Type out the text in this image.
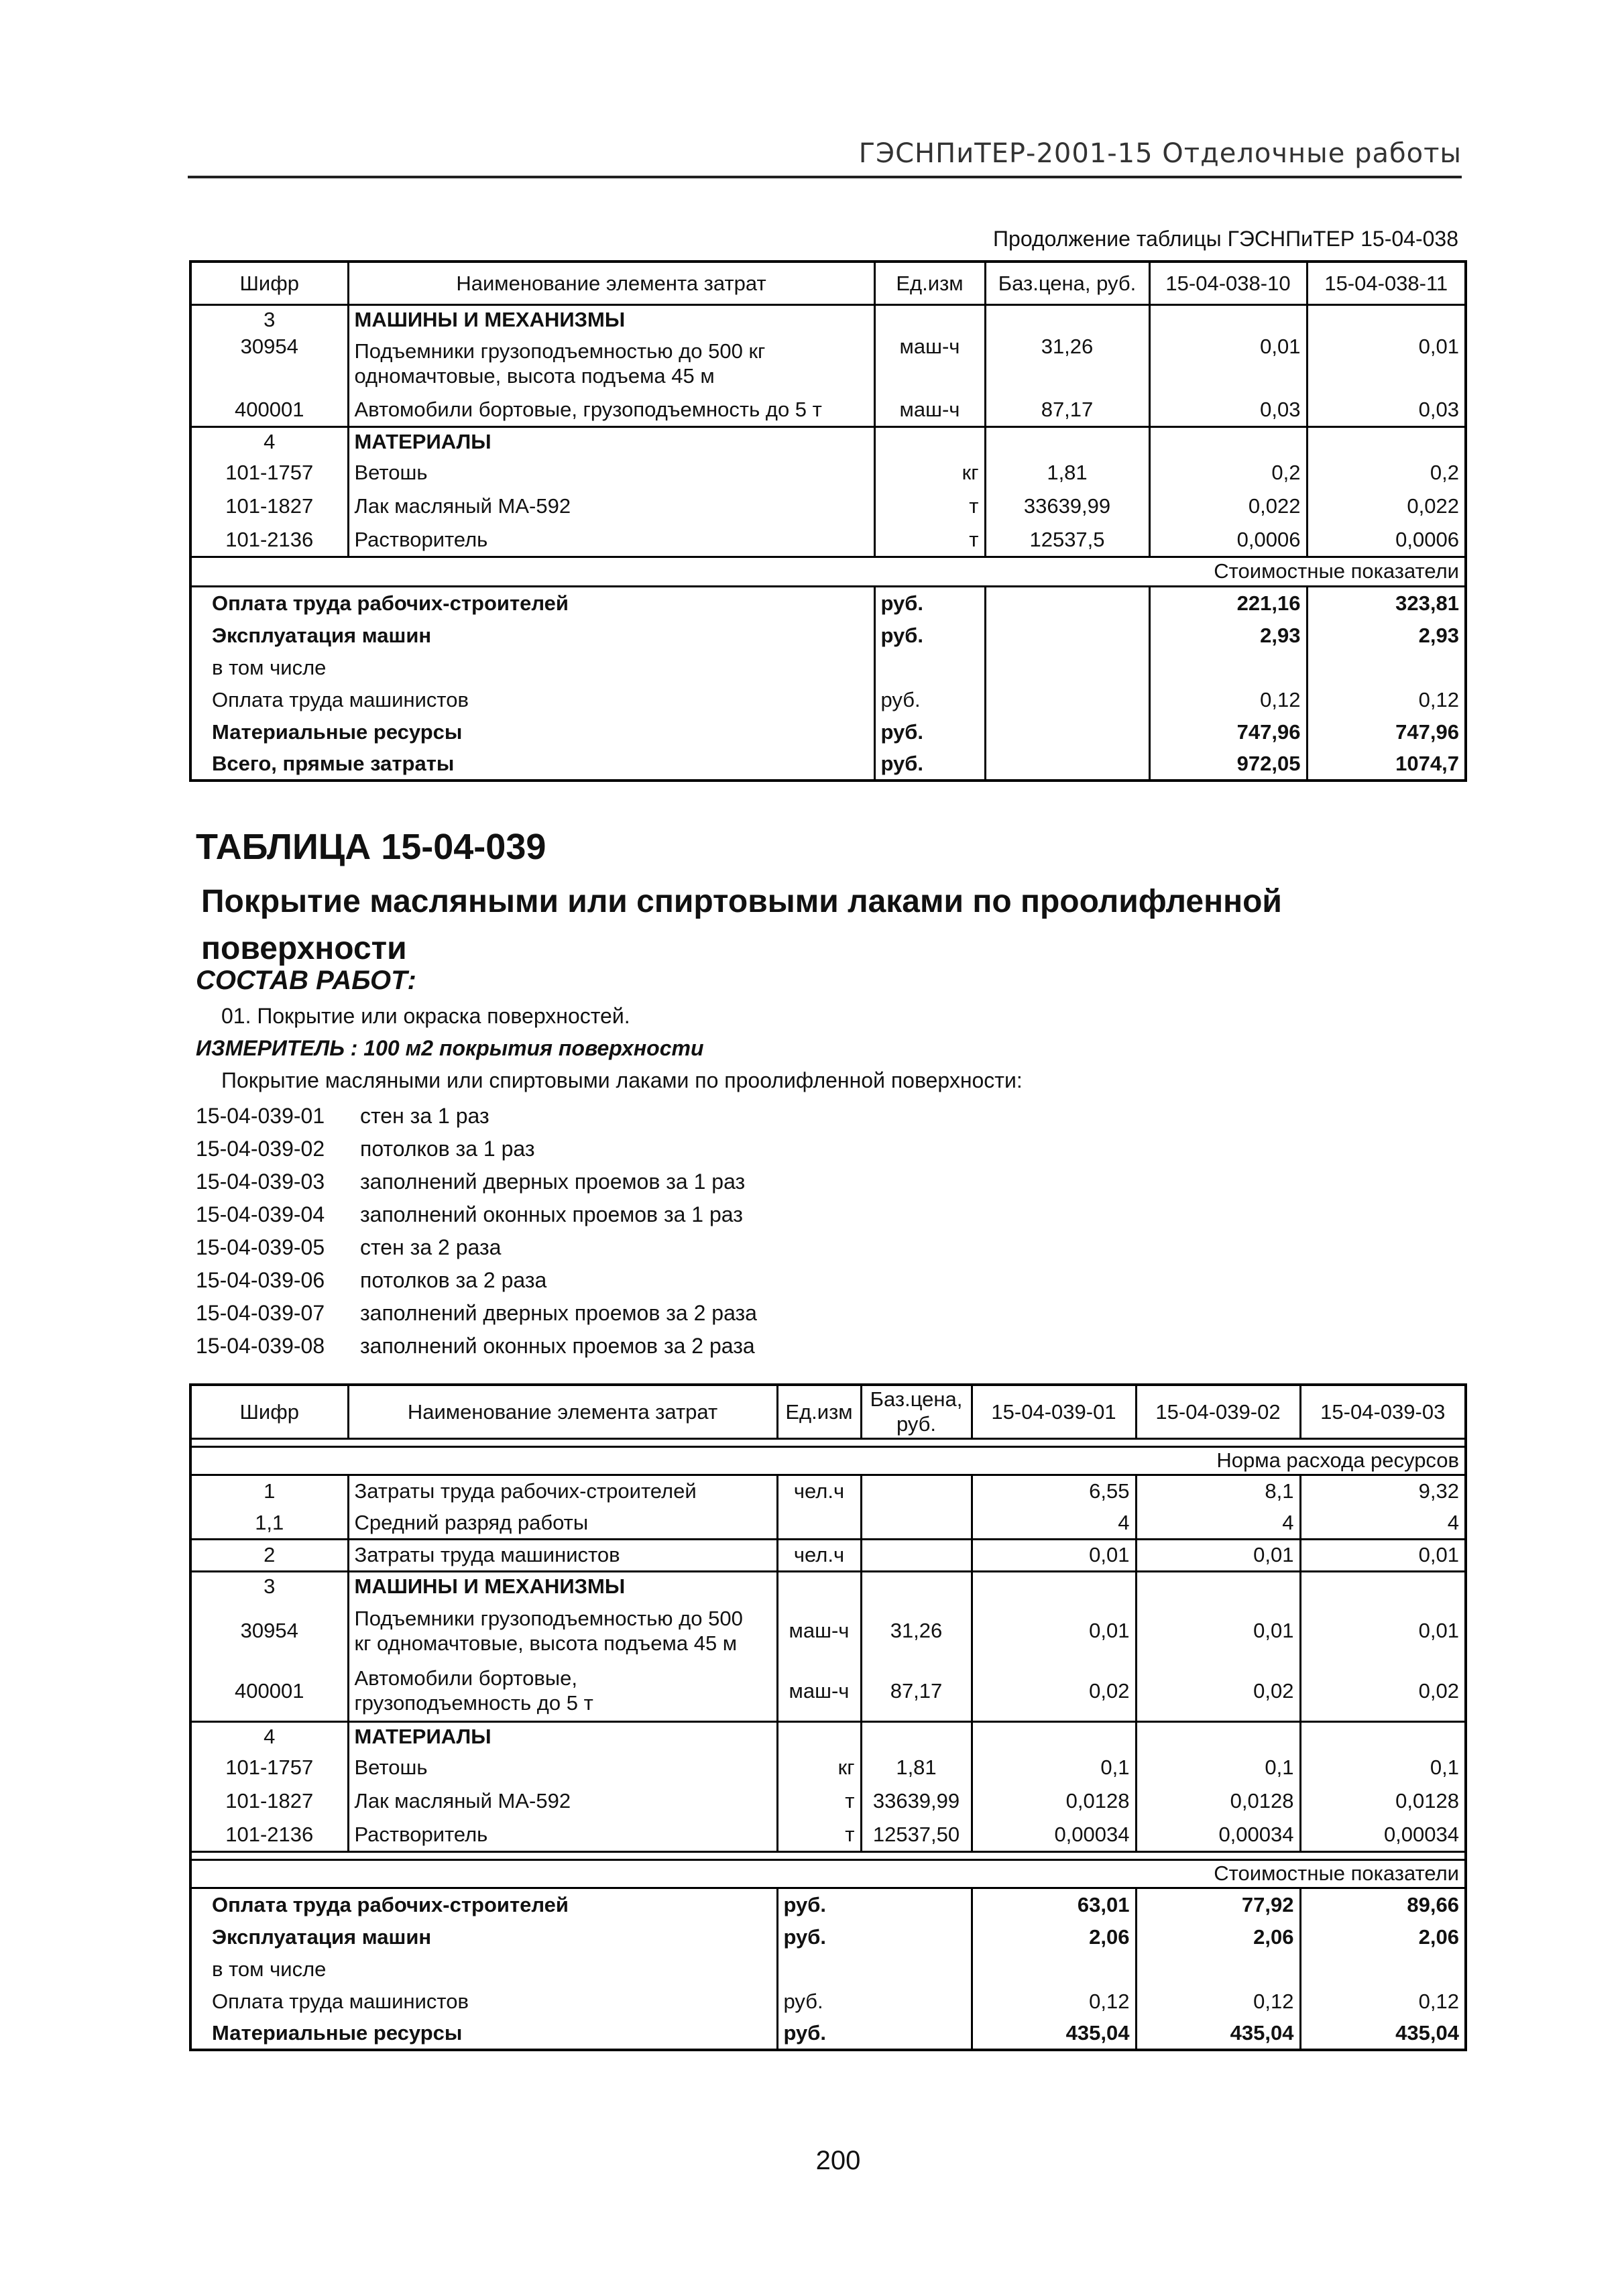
ГЭСНПиТЕР-2001-15 Отделочные работы
Продолжение таблицы ГЭСНПиТЕР 15-04-038
Шифр	Наименование элемента затрат	Ед.изм	Баз.цена, руб.	15-04-038-10	15-04-038-11
3	МАШИНЫ И МЕХАНИЗМЫ				
30954	Подъемники грузоподъемностью до 500 кг
одномачтовые, высота подъема 45 м	маш-ч	31,26	0,01	0,01
400001	Автомобили бортовые, грузоподъемность до 5 т	маш-ч	87,17	0,03	0,03
4	МАТЕРИАЛЫ				
101-1757	Ветошь	кг	1,81	0,2	0,2
101-1827	Лак масляный МА-592	т	33639,99	0,022	0,022
101-2136	Растворитель	т	12537,5	0,0006	0,0006
Стоимостные показатели					
Оплата труда рабочих-строителей		руб.		221,16	323,81
Эксплуатация машин		руб.		2,93	2,93
в том числе					
Оплата труда машинистов		руб.		0,12	0,12
Материальные ресурсы		руб.		747,96	747,96
Всего, прямые затраты		руб.		972,05	1074,7
ТАБЛИЦА 15-04-039
Покрытие масляными или спиртовыми лаками по проолифленной поверхности
СОСТАВ РАБОТ:
01. Покрытие или окраска поверхностей.
ИЗМЕРИТЕЛЬ : 100 м2 покрытия поверхности
Покрытие масляными или спиртовыми лаками по проолифленной поверхности:
15-04-039-01 стен за 1 раз
15-04-039-02 потолков за 1 раз
15-04-039-03 заполнений дверных проемов за 1 раз
15-04-039-04 заполнений оконных проемов за 1 раз
15-04-039-05 стен за 2 раза
15-04-039-06 потолков за 2 раза
15-04-039-07 заполнений дверных проемов за 2 раза
15-04-039-08 заполнений оконных проемов за 2 раза
Шифр	Наименование элемента затрат	Ед.изм	Баз.цена,
руб.	15-04-039-01	15-04-039-02	15-04-039-03

Норма расхода ресурсов						
1	Затраты труда рабочих-строителей	чел.ч		6,55	8,1	9,32
1,1	Средний разряд работы			4	4	4
2	Затраты труда машинистов	чел.ч		0,01	0,01	0,01
3	МАШИНЫ И МЕХАНИЗМЫ					
30954	Подъемники грузоподъемностью до 500
кг одномачтовые, высота подъема 45 м	маш-ч	31,26	0,01	0,01	0,01
400001	Автомобили бортовые,
грузоподъемность до 5 т	маш-ч	87,17	0,02	0,02	0,02
4	МАТЕРИАЛЫ					
101-1757	Ветошь	кг	1,81	0,1	0,1	0,1
101-1827	Лак масляный МА-592	т	33639,99	0,0128	0,0128	0,0128
101-2136	Растворитель	т	12537,50	0,00034	0,00034	0,00034

Стоимостные показатели						
Оплата труда рабочих-строителей		руб.		63,01	77,92	89,66
Эксплуатация машин		руб.		2,06	2,06	2,06
в том числе						
Оплата труда машинистов		руб.		0,12	0,12	0,12
Материальные ресурсы		руб.		435,04	435,04	435,04
200
